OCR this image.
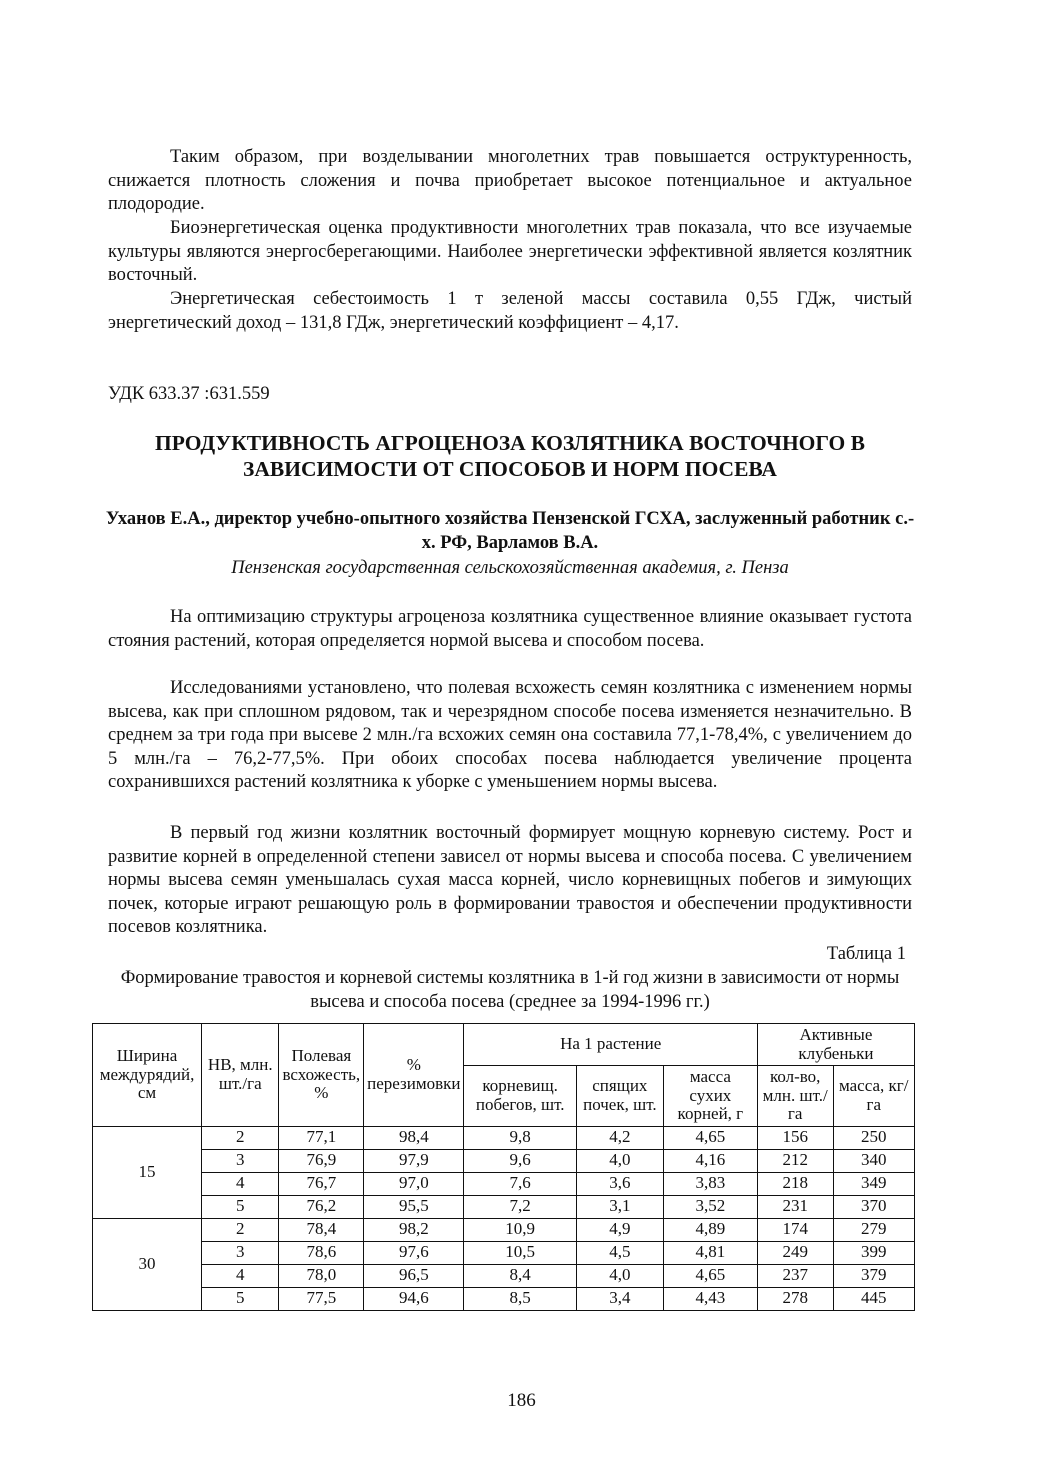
Таким образом, при возделывании многолетних трав повышается оструктуренность, снижается плотность сложения и почва приобретает высокое потенциальное и актуальное плодородие.

Биоэнергетическая оценка продуктивности многолетних трав показала, что все изучаемые культуры являются энергосберегающими. Наиболее энергетически эффективной является козлятник восточный.

Энергетическая себестоимость 1 т зеленой массы составила 0,55 ГДж, чистый энергетический доход – 131,8 ГДж, энергетический коэффициент – 4,17.

УДК 633.37 :631.559
ПРОДУКТИВНОСТЬ АГРОЦЕНОЗА КОЗЛЯТНИКА ВОСТОЧНОГО В ЗАВИСИМОСТИ ОТ СПОСОБОВ И НОРМ ПОСЕВА

Уханов Е.А., директор учебно-опытного хозяйства Пензенской ГСХА, заслуженный работник с.-х. РФ, Варламов В.А.

Пензенская государственная сельскохозяйственная академия, г. Пенза

На оптимизацию структуры агроценоза козлятника существенное влияние оказывает густота стояния растений, которая определяется нормой высева и способом посева.

Исследованиями установлено, что полевая всхожесть семян козлятника с изменением нормы высева, как при сплошном рядовом, так и черезрядном способе посева изменяется незначительно. В среднем за три года при высеве 2 млн./га всхожих семян она составила 77,1-78,4%, с увеличением до 5 млн./га – 76,2-77,5%. При обоих способах посева наблюдается увеличение процента сохранившихся растений козлятника к уборке с уменьшением нормы высева.

В первый год жизни козлятник восточный формирует мощную корневую систему. Рост и развитие корней в определенной степени зависел от нормы высева и способа посева. С увеличением нормы высева семян уменьшалась сухая масса корней, число корневищных побегов и зимующих почек, которые играют решающую роль в формировании травостоя и обеспечении продуктивности посевов козлятника.

Таблица 1

Формирование травостоя и корневой системы козлятника в 1-й год жизни в зависимости от нормы высева и способа посева (среднее за 1994-1996 гг.)

Ширина междурядий, см	НВ, млн. шт./га	Полевая всхожесть, %	% перезимовки	На 1 растение			Активные клубеньки	
				корневищ. побегов, шт.	спящих почек, шт.	масса сухих корней, г	кол-во, млн. шт./га	масса, кг/га
15	2	77,1	98,4	9,8	4,2	4,65	156	250
	3	76,9	97,9	9,6	4,0	4,16	212	340
	4	76,7	97,0	7,6	3,6	3,83	218	349
	5	76,2	95,5	7,2	3,1	3,52	231	370
30	2	78,4	98,2	10,9	4,9	4,89	174	279
	3	78,6	97,6	10,5	4,5	4,81	249	399
	4	78,0	96,5	8,4	4,0	4,65	237	379
	5	77,5	94,6	8,5	3,4	4,43	278	445
186
